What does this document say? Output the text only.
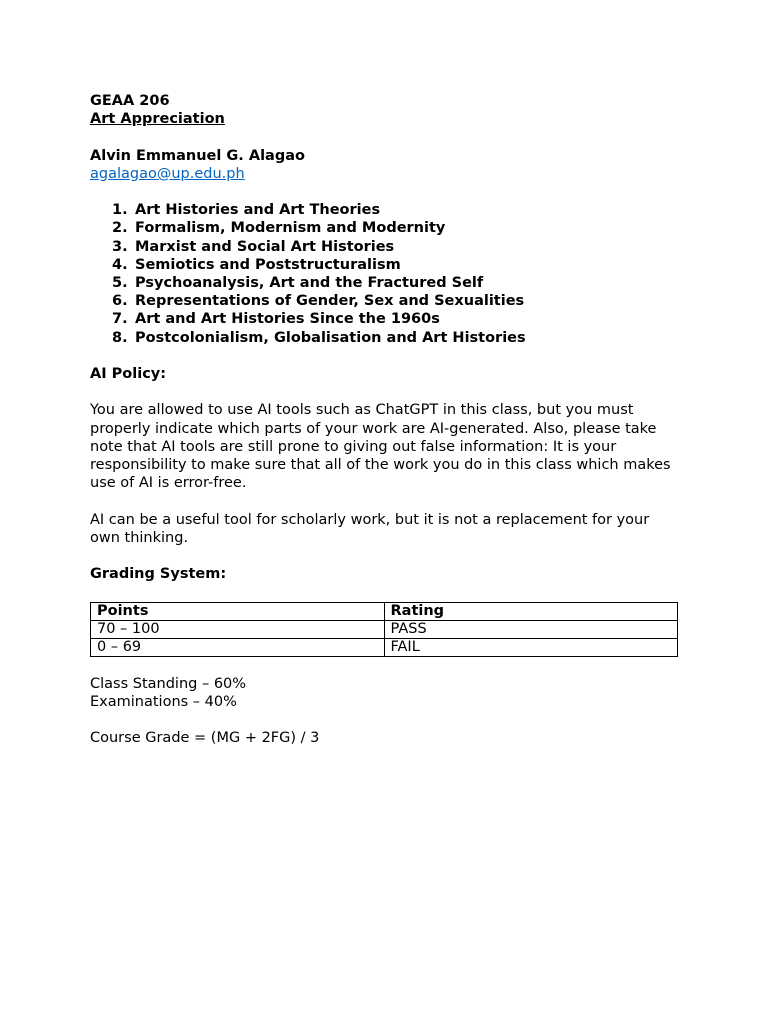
GEAA 206
Art Appreciation
Alvin Emmanuel G. Alagao
agalagao@up.edu.ph
Art Histories and Art Theories
Formalism, Modernism and Modernity
Marxist and Social Art Histories
Semiotics and Poststructuralism
Psychoanalysis, Art and the Fractured Self
Representations of Gender, Sex and Sexualities
Art and Art Histories Since the 1960s
Postcolonialism, Globalisation and Art Histories
AI Policy:

You are allowed to use AI tools such as ChatGPT in this class, but you must properly indicate which parts of your work are AI-generated. Also, please take note that AI tools are still prone to giving out false information: It is your responsibility to make sure that all of the work you do in this class which makes use of AI is error-free.

AI can be a useful tool for scholarly work, but it is not a replacement for your own thinking.

Grading System:
Points	Rating
70 – 100	PASS
0 – 69	FAIL
Class Standing – 60%
Examinations – 40%
Course Grade = (MG + 2FG) / 3
